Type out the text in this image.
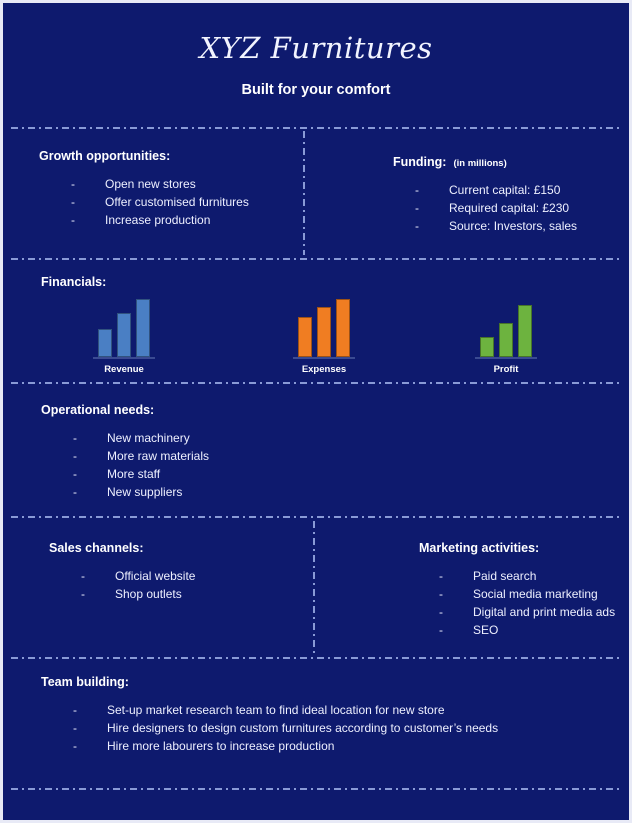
XYZ Furnitures
Built for your comfort
Growth opportunities:
-	Open new stores
-	Offer customised furnitures
-	Increase production
Funding: (in millions)
-	Current capital: £150
-	Required capital: £230
-	Source: Investors, sales
Financials:
Revenue	Expenses	Profit
Operational needs:
-	New machinery
-	More raw materials
-	More staff
-	New suppliers
Sales channels:
-	Official website
-	Shop outlets
Marketing activities:
-	Paid search
-	Social media marketing
-	Digital and print media ads
-	SEO
Team building:
-	Set-up market research team to find ideal location for new store
-	Hire designers to design custom furnitures according to customer’s needs
-	Hire more labourers to increase production
